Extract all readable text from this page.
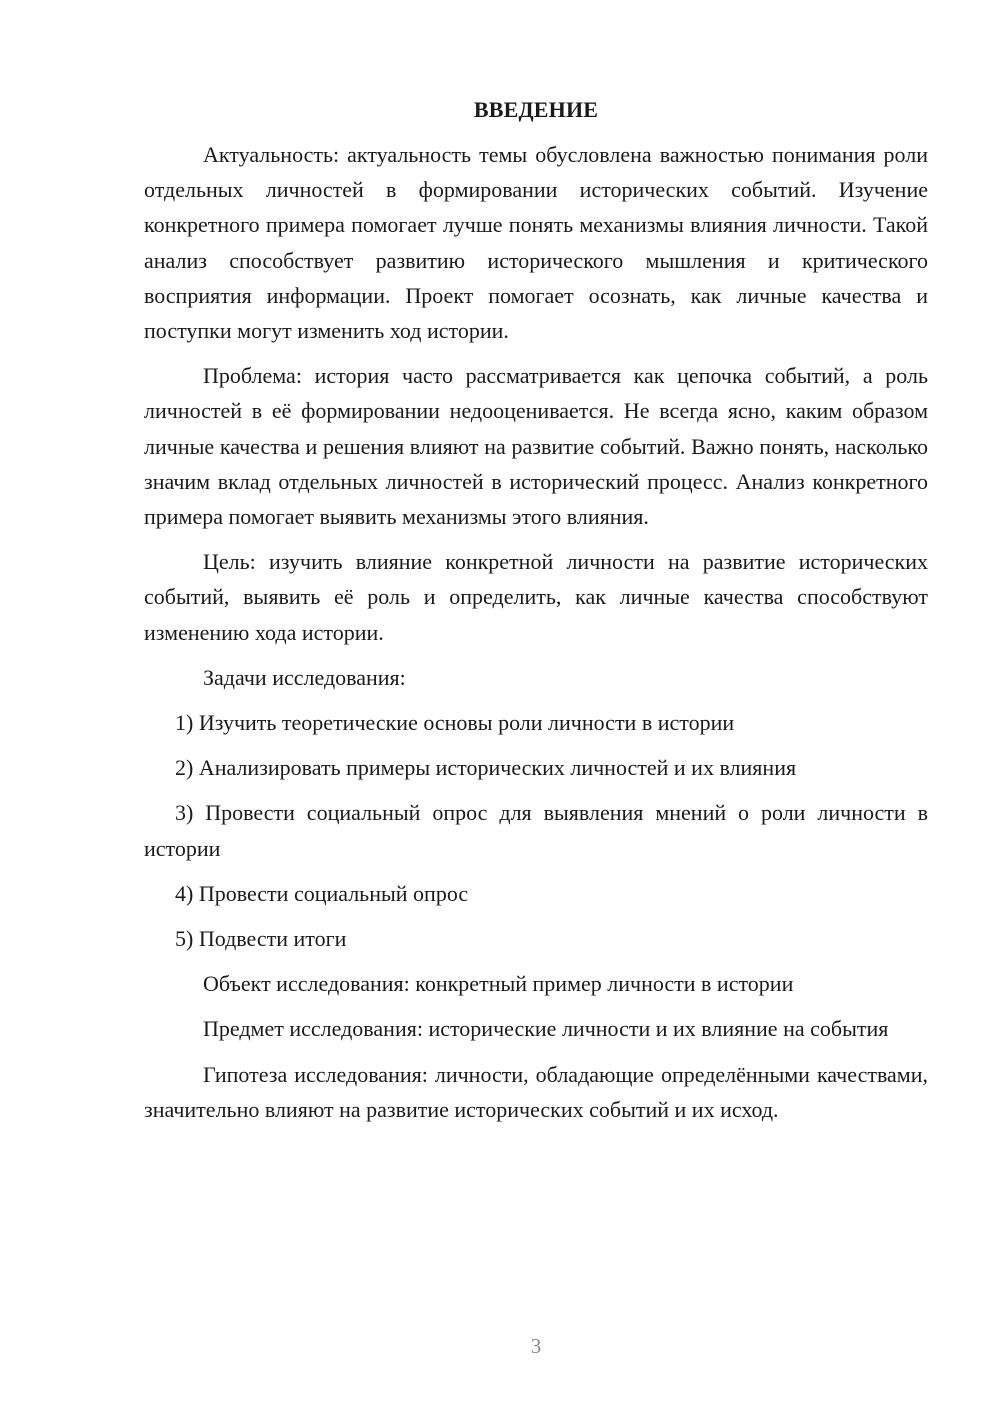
ВВЕДЕНИЕ

Актуальность: актуальность темы обусловлена важностью понимания роли отдельных личностей в формировании исторических событий. Изучение конкретного примера помогает лучше понять механизмы влияния личности. Такой анализ способствует развитию исторического мышления и критического восприятия информации. Проект помогает осознать, как личные качества и поступки могут изменить ход истории.

Проблема: история часто рассматривается как цепочка событий, а роль личностей в её формировании недооценивается. Не всегда ясно, каким образом личные качества и решения влияют на развитие событий. Важно понять, насколько значим вклад отдельных личностей в исторический процесс. Анализ конкретного примера помогает выявить механизмы этого влияния.

Цель: изучить влияние конкретной личности на развитие исторических событий, выявить её роль и определить, как личные качества способствуют изменению хода истории.

Задачи исследования:

1) Изучить теоретические основы роли личности в истории

2) Анализировать примеры исторических личностей и их влияния

3) Провести социальный опрос для выявления мнений о роли личности в истории

4) Провести социальный опрос

5) Подвести итоги

Объект исследования: конкретный пример личности в истории

Предмет исследования: исторические личности и их влияние на события

Гипотеза исследования: личности, обладающие определёнными качествами, значительно влияют на развитие исторических событий и их исход.

3
